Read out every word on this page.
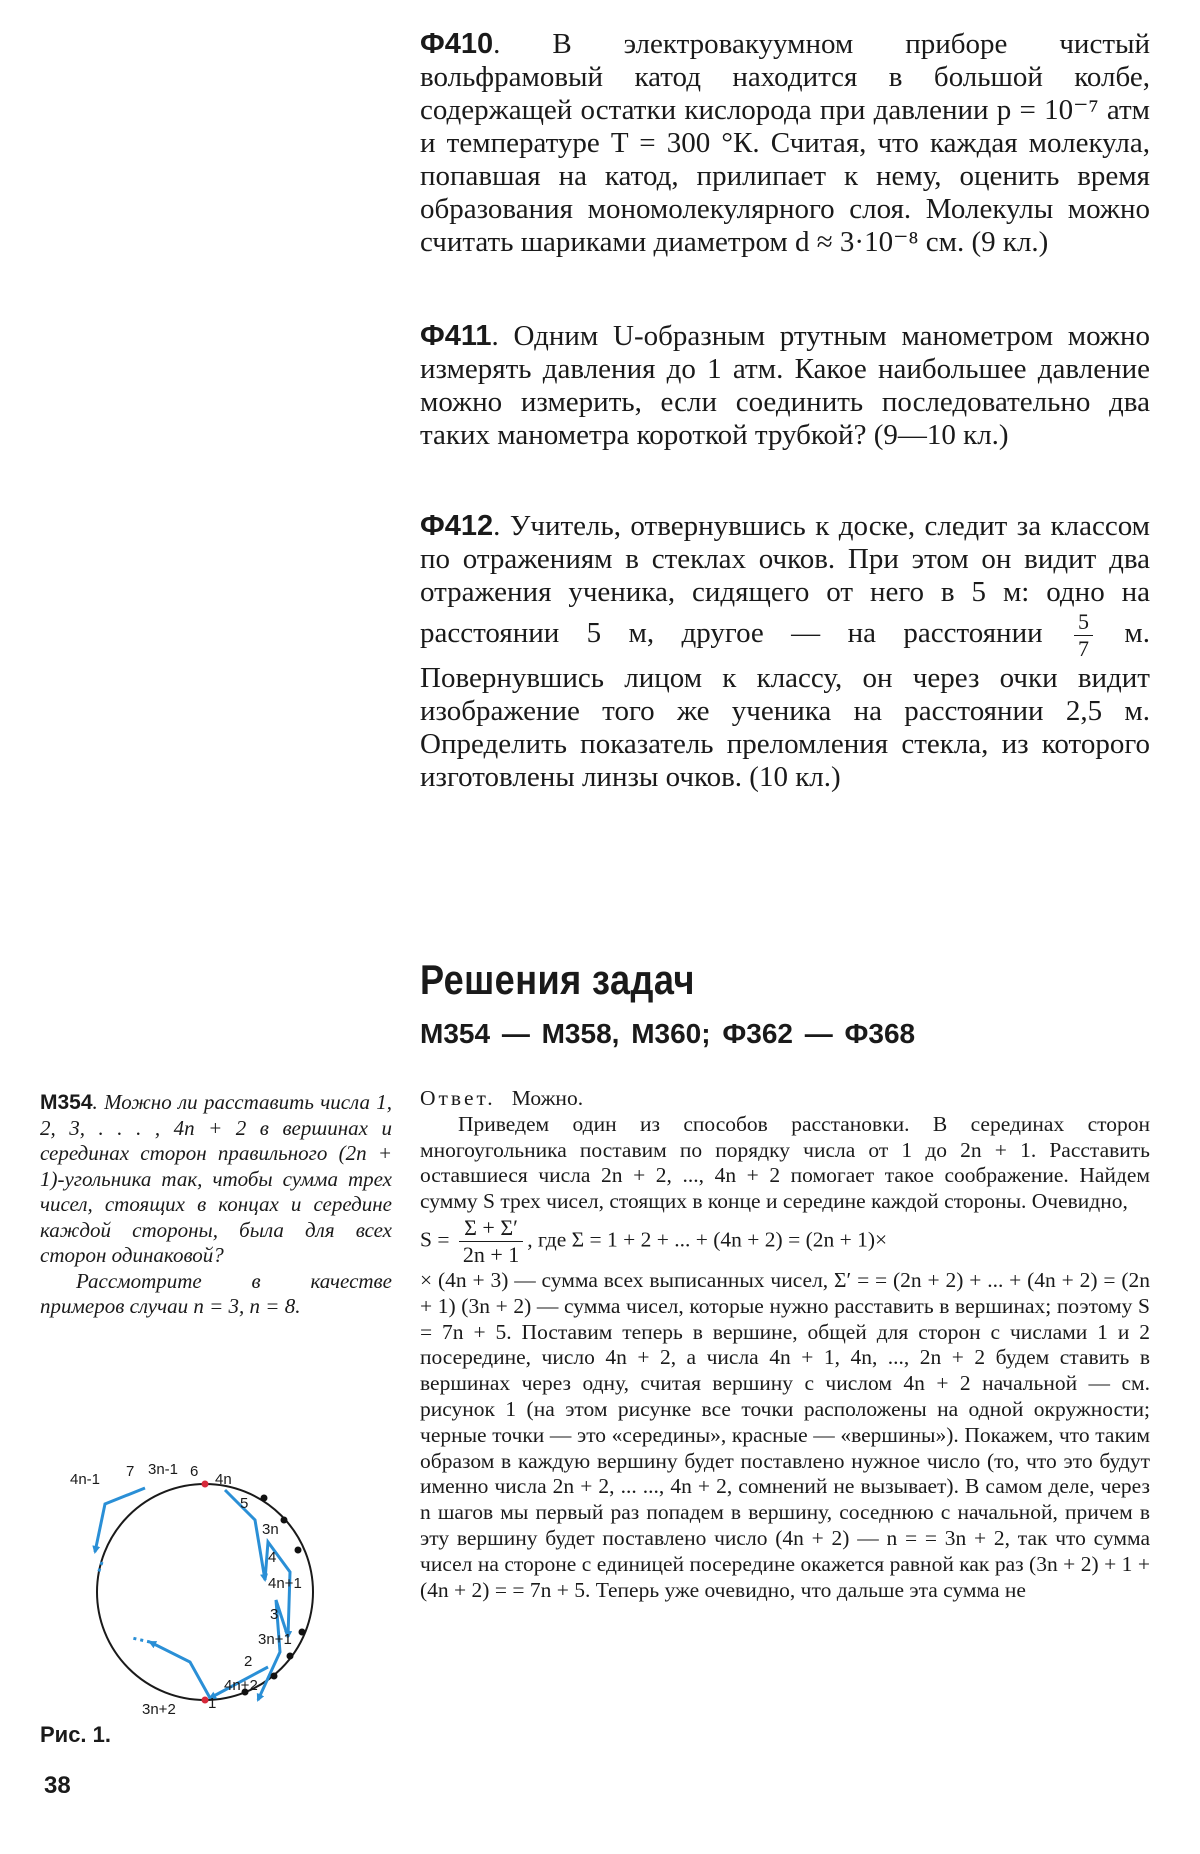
Ф410. В электровакуумном приборе чистый вольфрамовый катод находится в большой колбе, содержащей остатки кислорода при давлении p = 10⁻⁷ атм и температуре T = 300 °К. Считая, что каждая молекула, попавшая на катод, прилипает к нему, оценить время образования мономолекулярного слоя. Молекулы можно считать шариками диаметром d ≈ 3·10⁻⁸ см. (9 кл.)

Ф411. Одним U-образным ртутным манометром можно измерять давления до 1 атм. Какое наибольшее давление можно измерить, если соединить последовательно два таких манометра короткой трубкой? (9—10 кл.)

Ф412. Учитель, отвернувшись к доске, следит за классом по отражениям в стеклах очков. При этом он видит два отражения ученика, сидящего от него в 5 м: одно на расстоянии 5 м, другое — на расстоянии $\frac{5}{7} м$. Повернувшись лицом к классу, он через очки видит изображение того же ученика на расстоянии 2,5 м. Определить показатель преломления стекла, из которого изготовлены линзы очков. (10 кл.)

Решения задач
М354 — М358, М360; Ф362 — Ф368

М354. Можно ли расставить числа 1, 2, 3, . . . , 4n + 2 в вершинах и серединах сторон правильного (2n + 1)-угольника так, чтобы сумма трех чисел, стоящих в концах и середине каждой стороны, была для всех сторон одинаковой?

Рассмотрите в качестве примеров случаи n = 3, n = 8.

4n-1 7 3n-1 6 4n
5
3n
4
4n+1
3
3n+1
2
4n+2
1
3n+2

Рис. 1.

Ответ. Можно.

Приведем один из способов расстановки. В серединах сторон многоугольника поставим по порядку числа от 1 до 2n + 1. Расставить оставшиеся числа 2n + 2, ..., 4n + 2 помогает такое соображение. Найдем сумму S трех чисел, стоящих в конце и середине каждой стороны. Очевидно,

$S = \frac{\Sigma + \Sigma'}{2n + 1}$ , где Σ = 1 + 2 + ... + (4n + 2) = (2n + 1)×

× (4n + 3) — сумма всех выписанных чисел, Σ′ = = (2n + 2) + ... + (4n + 2) = (2n + 1) (3n + 2) — сумма чисел, которые нужно расставить в вершинах; поэтому S = 7n + 5. Поставим теперь в вершине, общей для сторон с числами 1 и 2 посередине, число 4n + 2, а числа 4n + 1, 4n, ..., 2n + 2 будем ставить в вершинах через одну, считая вершину с числом 4n + 2 начальной — см. рисунок 1 (на этом рисунке все точки расположены на одной окружности; черные точки — это «середины», красные — «вершины»). Покажем, что таким образом в каждую вершину будет поставлено нужное число (то, что это будут именно числа 2n + 2, ... ..., 4n + 2, сомнений не вызывает). В самом деле, через n шагов мы первый раз попадем в вершину, соседнюю с начальной, причем в эту вершину будет поставлено число (4n + 2) — n = = 3n + 2, так что сумма чисел на стороне с единицей посередине окажется равной как раз (3n + 2) + 1 + (4n + 2) = = 7n + 5. Теперь уже очевидно, что дальше эта сумма не

38
